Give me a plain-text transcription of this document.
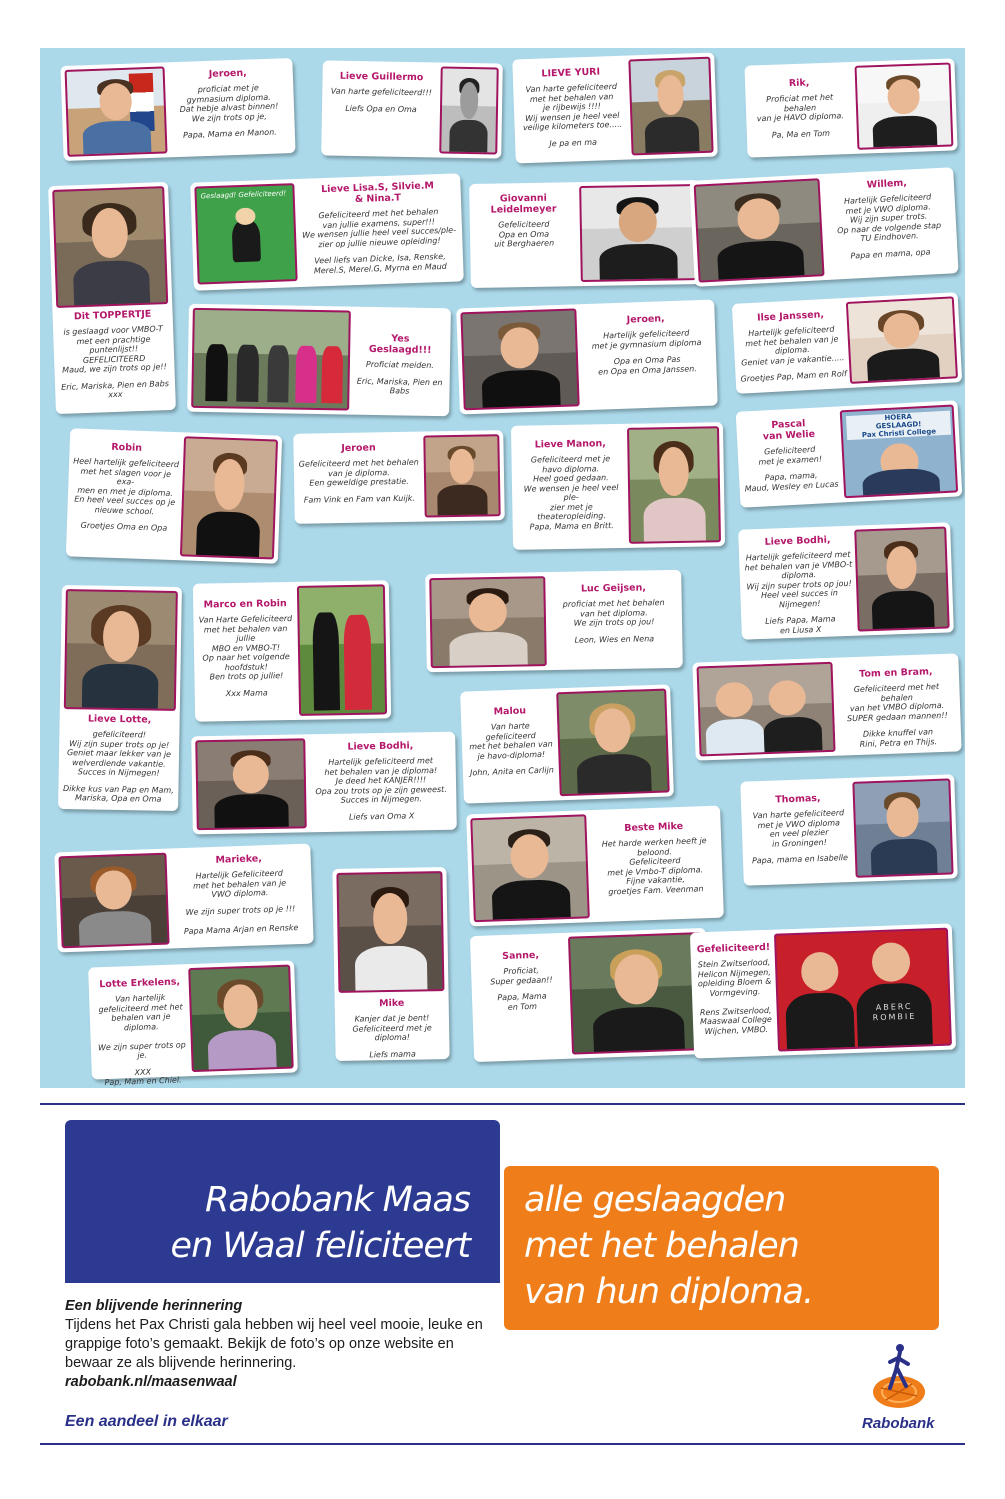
Jeroen,
proficiat met je
gymnasium diploma.
Dat hebje alvast binnen!
We zijn trots op je,
Papa, Mama en Manon.
Lieve Guillermo
Van harte gefeliciteerd!!!
Liefs Opa en Oma
LIEVE YURI
Van harte gefeliciteerd
met het behalen van
je rijbewijs !!!!
Wij wensen je heel veel
veilige kilometers toe.....
Je pa en ma
Rik,
Proficiat met het behalen
van je HAVO diploma.
Pa, Ma en Tom
Dit TOPPERTJE
is geslaagd voor VMBO-T
met een prachtige
puntenlijst!!
GEFELICITEERD
Maud, we zijn trots op je!!
Eric, Mariska, Pien en Babs
xxx
Geslaagd! Gefeliciteerd!	Lieve Lisa.S, Silvie.M
& Nina.T
Gefeliciteerd met het behalen
van jullie examens, super!!!
We wensen jullie heel veel succes/ple-
zier op jullie nieuwe opleiding!
Veel liefs van Dicke, Isa, Renske,
Merel.S, Merel.G, Myrna en Maud
Giovanni
Leidelmeyer
Gefeliciteerd
Opa en Oma
uit Berghaeren
Willem,
Hartelijk Gefeliciteerd
met je VWO diploma.
Wij zijn super trots.
Op naar de volgende stap
TU Eindhoven.
Papa en mama, opa
Yes
Geslaagd!!!
Proficiat meiden.
Eric, Mariska, Pien en
Babs
Jeroen,
Hartelijk gefeliciteerd
met je gymnasium diploma
Opa en Oma Pas
en Opa en Oma Janssen.
Ilse Janssen,
Hartelijk gefeliciteerd
met het behalen van je diploma.
Geniet van je vakantie.....
Groetjes Pap, Mam en Rolf
Robin
Heel hartelijk gefeliciteerd
met het slagen voor je exa-
men en met je diploma.
En heel veel succes op je
nieuwe school.
Groetjes Oma en Opa
Jeroen
Gefeliciteerd met het behalen
van je diploma.
Een geweldige prestatie.
Fam Vink en Fam van Kuijk.
Lieve Manon,
Gefeliciteerd met je
havo diploma.
Heel goed gedaan.
We wensen je heel veel ple-
zier met je theateropleiding.
Papa, Mama en Britt.
Pascal
van Welie
Gefeliciteerd
met je examen!
Papa, mama,
Maud, Wesley en Lucas
HOERA
GESLAAGD!
Pax Christi College
Lieve Bodhi,
Hartelijk gefeliciteerd met
het behalen van je VMBO-t
diploma.
Wij zijn super trots op jou!
Heel veel succes in Nijmegen!
Liefs Papa, Mama
en Liusa X
Marco en Robin
Van Harte Gefeliciteerd
met het behalen van jullie
MBO en VMBO-T!
Op naar het volgende
hoofdstuk!
Ben trots op jullie!
Xxx Mama
Luc Geijsen,
proficiat met het behalen
van het diploma.
We zijn trots op jou!
Leon, Wies en Nena
Lieve Lotte,
gefeliciteerd!
Wij zijn super trots op je!
Geniet maar lekker van je
welverdiende vakantie.
Succes in Nijmegen!
Dikke kus van Pap en Mam,
Mariska, Opa en Oma
Tom en Bram,
Gefeliciteerd met het behalen
van het VMBO diploma.
SUPER gedaan mannen!!
Dikke knuffel van
Rini, Petra en Thijs.
Lieve Bodhi,
Hartelijk gefeliciteerd met
het behalen van je diploma!
Je deed het KANJER!!!!
Opa zou trots op je zijn geweest.
Succes in Nijmegen.
Liefs van Oma X
Malou
Van harte gefeliciteerd
met het behalen van
je havo-diploma!
John, Anita en Carlijn
Thomas,
Van harte gefeliciteerd
met je VWO diploma
en veel plezier
in Groningen!
Papa, mama en Isabelle
Marieke,
Hartelijk Gefeliciteerd
met het behalen van je
VWO diploma.
We zijn super trots op je !!!

Papa Mama Arjan en Renske
Beste Mike
Het harde werken heeft je beloond.
Gefeliciteerd
met je Vmbo-T diploma.
Fijne vakantie,
groetjes Fam. Veenman
Mike
Kanjer dat je bent!
Gefeliciteerd met je diploma!
Liefs mama
Lotte Erkelens,
Van hartelijk
gefeliciteerd met het
behalen van je diploma.

We zijn super trots op je.
XXX
Pap, Mam en Chiel.
Sanne,
Proficiat,
Super gedaan!!
Papa, Mama
en Tom
Gefeliciteerd!
Stein Zwitserlood,
Helicon Nijmegen,
opleiding Bloem &
Vormgeving.

Rens Zwitserlood,
Maaswaal College
Wijchen, VMBO.
ABERC
ROMBIE
Rabobank Maas
en Waal feliciteert
alle geslaagden
met het behalen
van hun diploma.
Een blijvende herinnering
Tijdens het Pax Christi gala hebben wij heel veel mooie, leuke en grappige foto’s gemaakt. Bekijk de foto’s op onze website en bewaar ze als blijvende herinnering.
rabobank.nl/maasenwaal
Een aandeel in elkaar	Rabobank
